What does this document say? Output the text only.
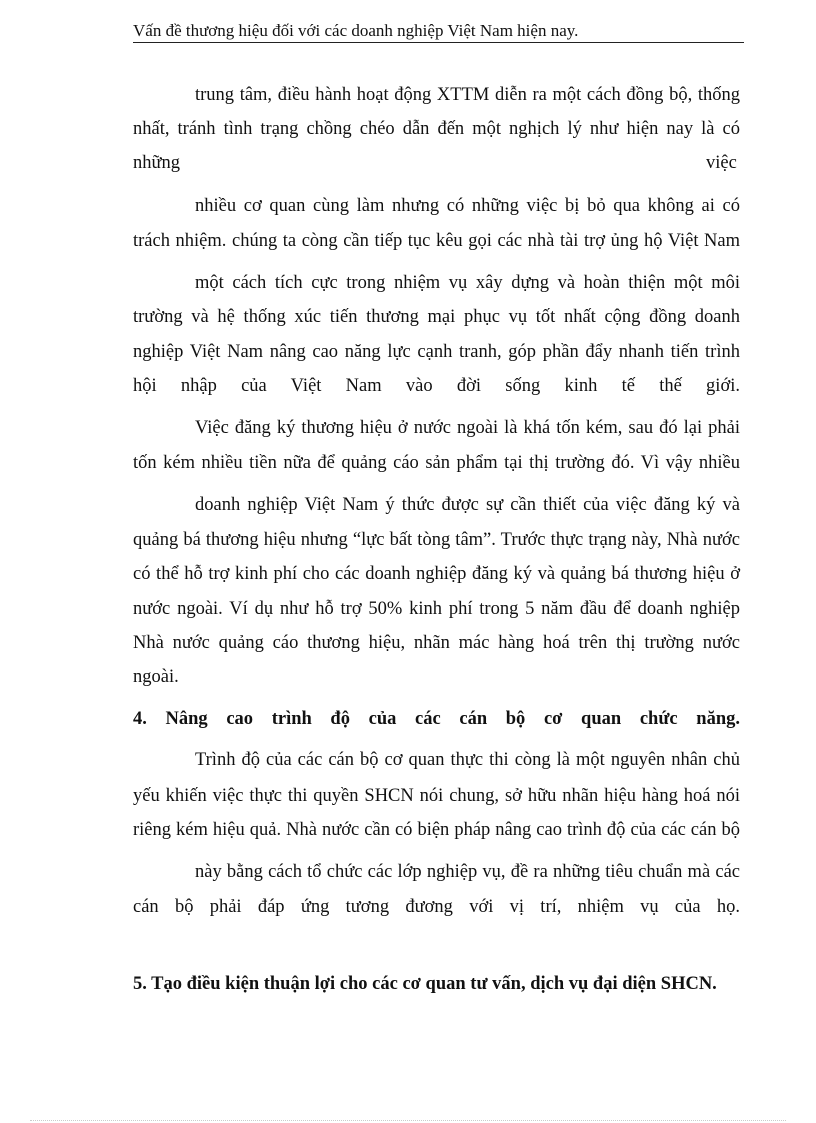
Vấn đề thương hiệu đối với các doanh nghiệp Việt Nam hiện nay.
trung tâm, điều hành hoạt động XTTM diễn ra một cách đồng bộ, thống
nhất, tránh tình trạng chồng chéo dẫn đến một nghịch lý như hiện nay là có
những	việc
nhiều cơ quan cùng làm nhưng có những việc bị bỏ qua không ai có
trách nhiệm. chúng ta còng cần tiếp tục kêu gọi các nhà tài trợ ủng hộ Việt Nam
một cách tích cực trong nhiệm vụ xây dựng và hoàn thiện một môi
trường và hệ thống xúc tiến thương mại phục vụ tốt nhất cộng đồng doanh
nghiệp Việt Nam nâng cao năng lực cạnh tranh, góp phần đẩy nhanh tiến trình
hội nhập của Việt Nam vào đời sống kinh tế thế giới.
Việc đăng ký thương hiệu ở nước ngoài là khá tốn kém, sau đó lại phải
tốn kém nhiều tiền nữa để quảng cáo sản phẩm tại thị trường đó. Vì vậy nhiều
doanh nghiệp Việt Nam ý thức được sự cần thiết của việc đăng ký và
quảng bá thương hiệu nhưng “lực bất tòng tâm”. Trước thực trạng này, Nhà nước
có thể hỗ trợ kinh phí cho các doanh nghiệp đăng ký và quảng bá thương hiệu ở
nước ngoài. Ví dụ như hỗ trợ 50% kinh phí trong 5 năm đầu để doanh nghiệp
Nhà nước quảng cáo thương hiệu, nhãn mác hàng hoá trên thị trường nước
ngoài.
4. Nâng cao trình độ của các cán bộ cơ quan chức năng.
Trình độ của các cán bộ cơ quan thực thi còng là một nguyên nhân chủ
yếu khiến việc thực thi quyền SHCN nói chung, sở hữu nhãn hiệu hàng hoá nói
riêng kém hiệu quả. Nhà nước cần có biện pháp nâng cao trình độ của các cán bộ
này bằng cách tổ chức các lớp nghiệp vụ, đề ra những tiêu chuẩn mà các
cán bộ phải đáp ứng tương đương với vị trí, nhiệm vụ của họ.
5. Tạo điều kiện thuận lợi cho các cơ quan tư vấn, dịch vụ đại diện SHCN.
